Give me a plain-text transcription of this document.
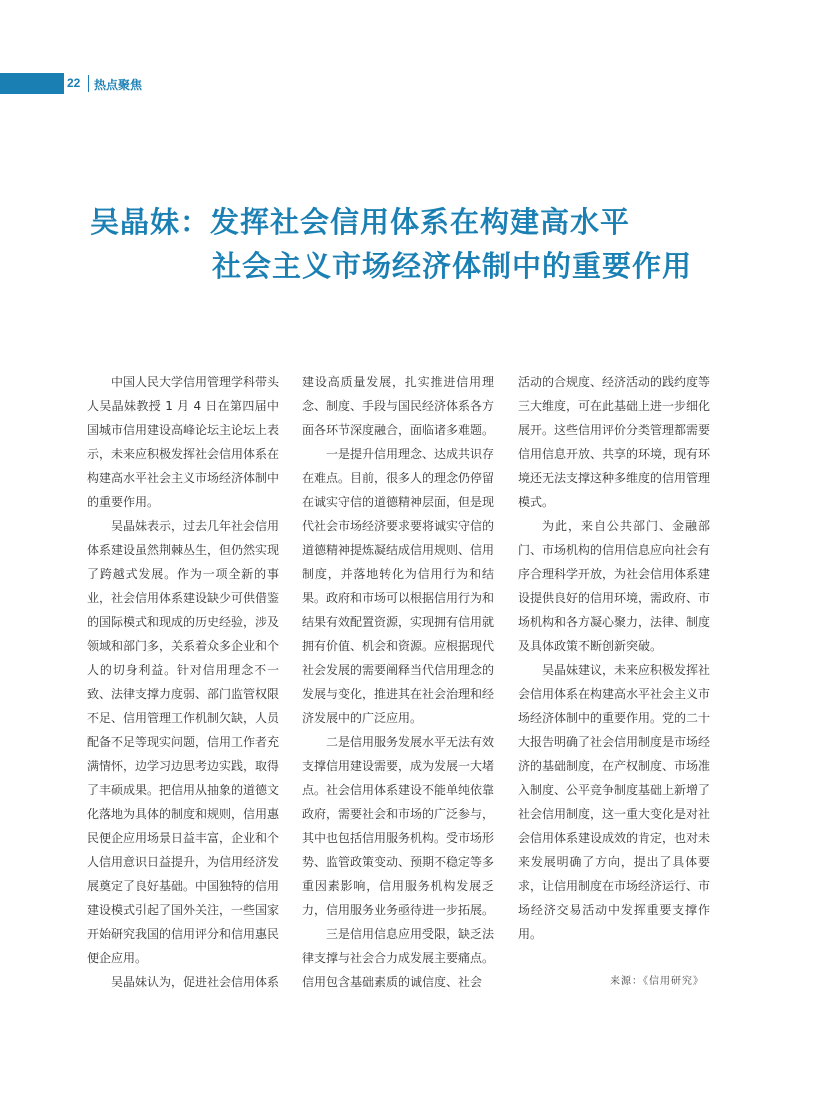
22 热点聚焦
吴晶妹：发挥社会信用体系在构建高水平
社会主义市场经济体制中的重要作用

中国人民大学信用管理学科带头人吴晶妹教授 1 月 4 日在第四届中国城市信用建设高峰论坛主论坛上表示，未来应积极发挥社会信用体系在构建高水平社会主义市场经济体制中的重要作用。

吴晶妹表示，过去几年社会信用体系建设虽然荆棘丛生，但仍然实现了跨越式发展。作为一项全新的事业，社会信用体系建设缺少可供借鉴的国际模式和现成的历史经验，涉及领域和部门多，关系着众多企业和个人的切身利益。针对信用理念不一致、法律支撑力度弱、部门监管权限不足、信用管理工作机制欠缺，人员配备不足等现实问题，信用工作者充满情怀，边学习边思考边实践，取得了丰硕成果。把信用从抽象的道德文化落地为具体的制度和规则，信用惠民便企应用场景日益丰富，企业和个人信用意识日益提升，为信用经济发展奠定了良好基础。中国独特的信用建设模式引起了国外关注，一些国家开始研究我国的信用评分和信用惠民便企应用。

吴晶妹认为，促进社会信用体系

建设高质量发展，扎实推进信用理念、制度、手段与国民经济体系各方面各环节深度融合，面临诸多难题。

一是提升信用理念、达成共识存在难点。目前，很多人的理念仍停留在诚实守信的道德精神层面，但是现代社会市场经济要求要将诚实守信的道德精神提炼凝结成信用规则、信用制度，并落地转化为信用行为和结果。政府和市场可以根据信用行为和结果有效配置资源，实现拥有信用就拥有价值、机会和资源。应根据现代社会发展的需要阐释当代信用理念的发展与变化，推进其在社会治理和经济发展中的广泛应用。

二是信用服务发展水平无法有效支撑信用建设需要，成为发展一大堵点。社会信用体系建设不能单纯依靠政府，需要社会和市场的广泛参与，其中也包括信用服务机构。受市场形势、监管政策变动、预期不稳定等多重因素影响，信用服务机构发展乏力，信用服务业务亟待进一步拓展。

三是信用信息应用受限，缺乏法律支撑与社会合力成发展主要痛点。信用包含基础素质的诚信度、社会

活动的合规度、经济活动的践约度等三大维度，可在此基础上进一步细化展开。这些信用评价分类管理都需要信用信息开放、共享的环境，现有环境还无法支撑这种多维度的信用管理模式。

为此，来自公共部门、金融部门、市场机构的信用信息应向社会有序合理科学开放，为社会信用体系建设提供良好的信用环境，需政府、市场机构和各方凝心聚力，法律、制度及具体政策不断创新突破。

吴晶妹建议，未来应积极发挥社会信用体系在构建高水平社会主义市场经济体制中的重要作用。党的二十大报告明确了社会信用制度是市场经济的基础制度，在产权制度、市场准入制度、公平竞争制度基础上新增了社会信用制度，这一重大变化是对社会信用体系建设成效的肯定，也对未来发展明确了方向，提出了具体要求，让信用制度在市场经济运行、市场经济交易活动中发挥重要支撑作用。

来源：《信用研究》
